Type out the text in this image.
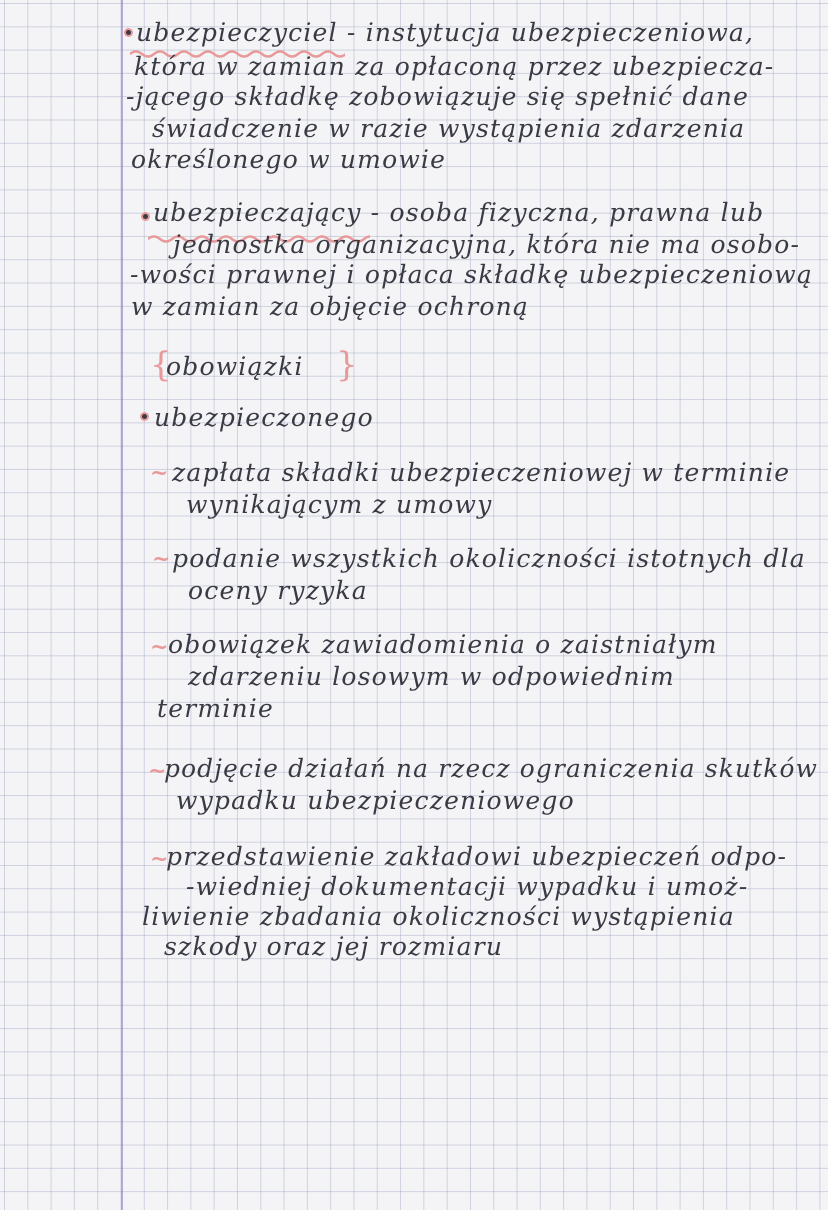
ubezpieczyciel - instytucja ubezpieczeniowa,
która w zamian za opłaconą przez ubezpiecza-
-jącego składkę zobowiązuje się spełnić dane
świadczenie w razie wystąpienia zdarzenia
określonego w umowie
ubezpieczający - osoba fizyczna, prawna lub
jednostka organizacyjna, która nie ma osobo-
-wości prawnej i opłaca składkę ubezpieczeniową
w zamian za objęcie ochroną
{
obowiązki }
ubezpieczonego
~ zapłata składki ubezpieczeniowej w terminie
wynikającym z umowy
~ podanie wszystkich okoliczności istotnych dla
oceny ryzyka
~ obowiązek zawiadomienia o zaistniałym
zdarzeniu losowym w odpowiednim
terminie
~
podjęcie działań na rzecz ograniczenia skutków
wypadku ubezpieczeniowego
~
przedstawienie zakładowi ubezpieczeń odpo-
-wiedniej dokumentacji wypadku i umoż-
liwienie zbadania okoliczności wystąpienia
szkody oraz jej rozmiaru
